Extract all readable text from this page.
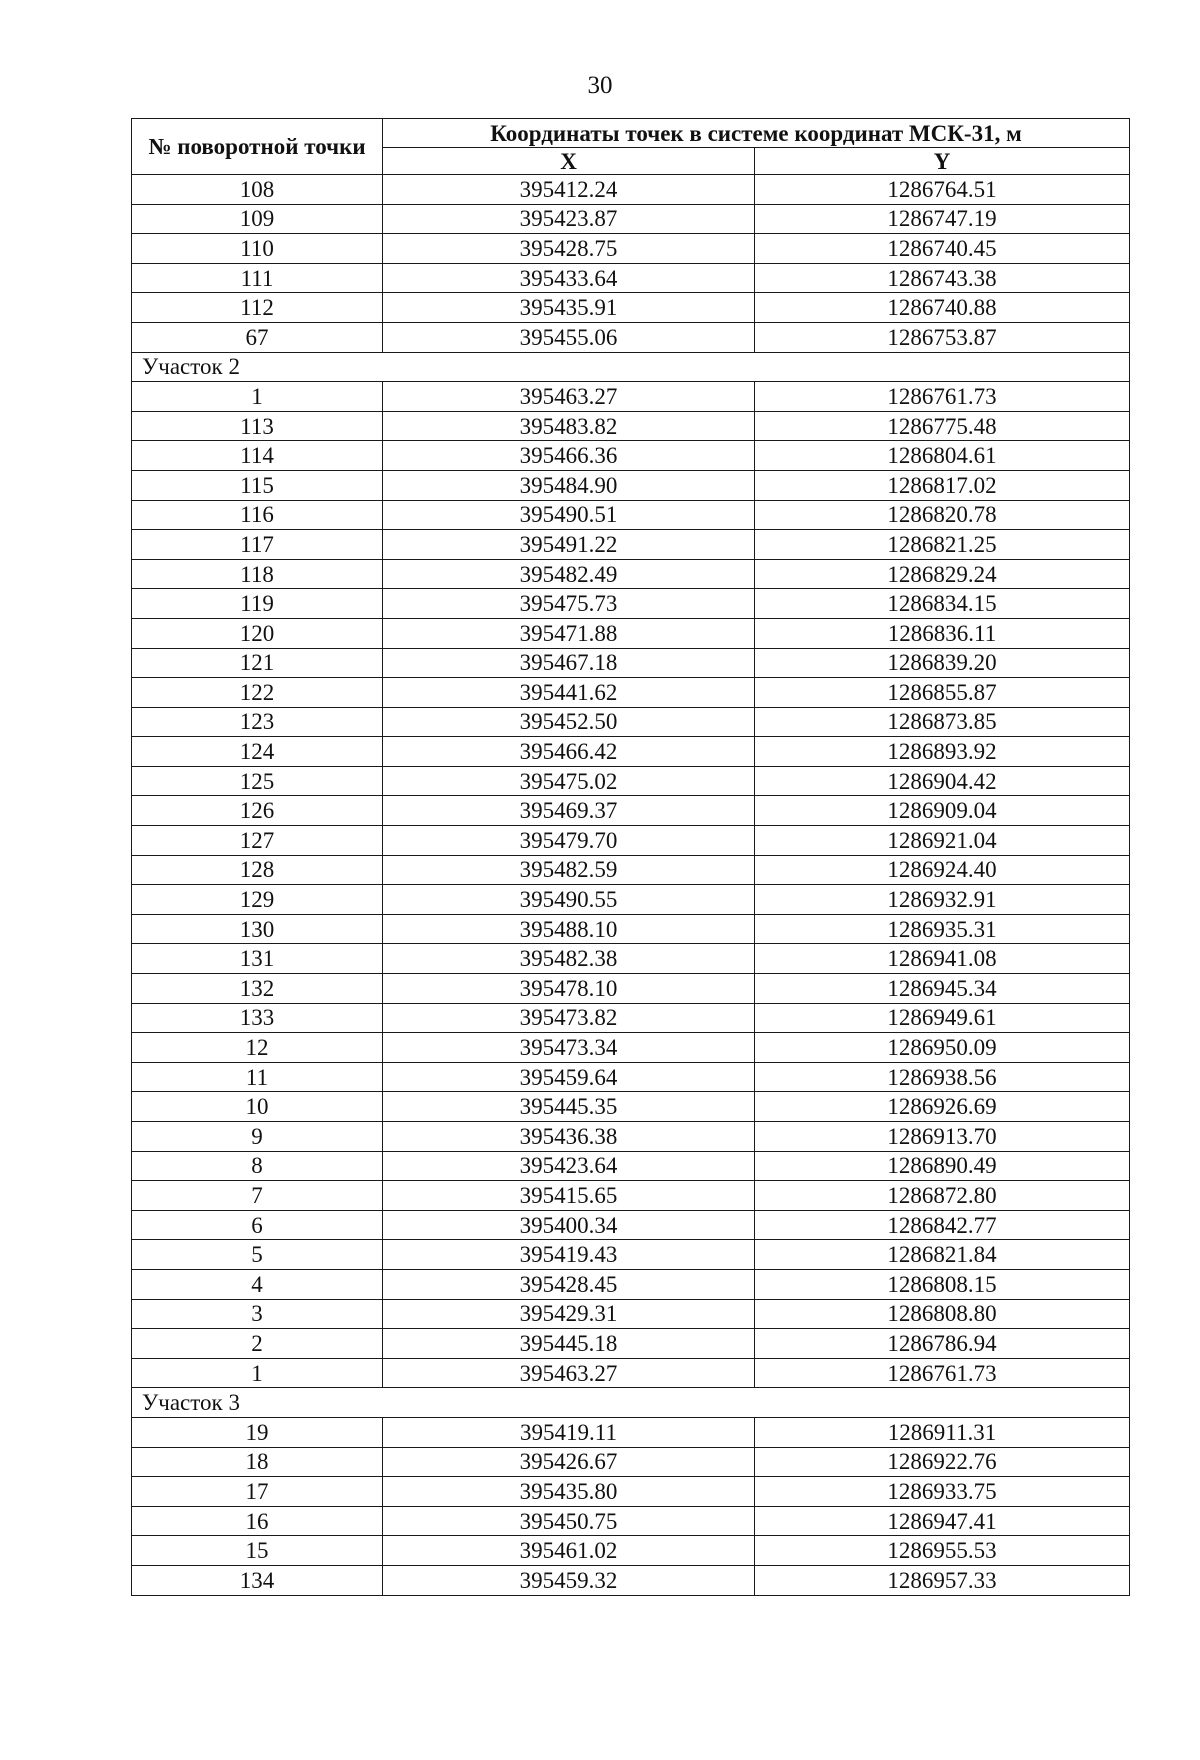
30
№ поворотной точки	Координаты точек в системе координат МСК-31, м	
	X	Y
108	395412.24	1286764.51
109	395423.87	1286747.19
110	395428.75	1286740.45
111	395433.64	1286743.38
112	395435.91	1286740.88
67	395455.06	1286753.87
Участок 2		
1	395463.27	1286761.73
113	395483.82	1286775.48
114	395466.36	1286804.61
115	395484.90	1286817.02
116	395490.51	1286820.78
117	395491.22	1286821.25
118	395482.49	1286829.24
119	395475.73	1286834.15
120	395471.88	1286836.11
121	395467.18	1286839.20
122	395441.62	1286855.87
123	395452.50	1286873.85
124	395466.42	1286893.92
125	395475.02	1286904.42
126	395469.37	1286909.04
127	395479.70	1286921.04
128	395482.59	1286924.40
129	395490.55	1286932.91
130	395488.10	1286935.31
131	395482.38	1286941.08
132	395478.10	1286945.34
133	395473.82	1286949.61
12	395473.34	1286950.09
11	395459.64	1286938.56
10	395445.35	1286926.69
9	395436.38	1286913.70
8	395423.64	1286890.49
7	395415.65	1286872.80
6	395400.34	1286842.77
5	395419.43	1286821.84
4	395428.45	1286808.15
3	395429.31	1286808.80
2	395445.18	1286786.94
1	395463.27	1286761.73
Участок 3		
19	395419.11	1286911.31
18	395426.67	1286922.76
17	395435.80	1286933.75
16	395450.75	1286947.41
15	395461.02	1286955.53
134	395459.32	1286957.33
